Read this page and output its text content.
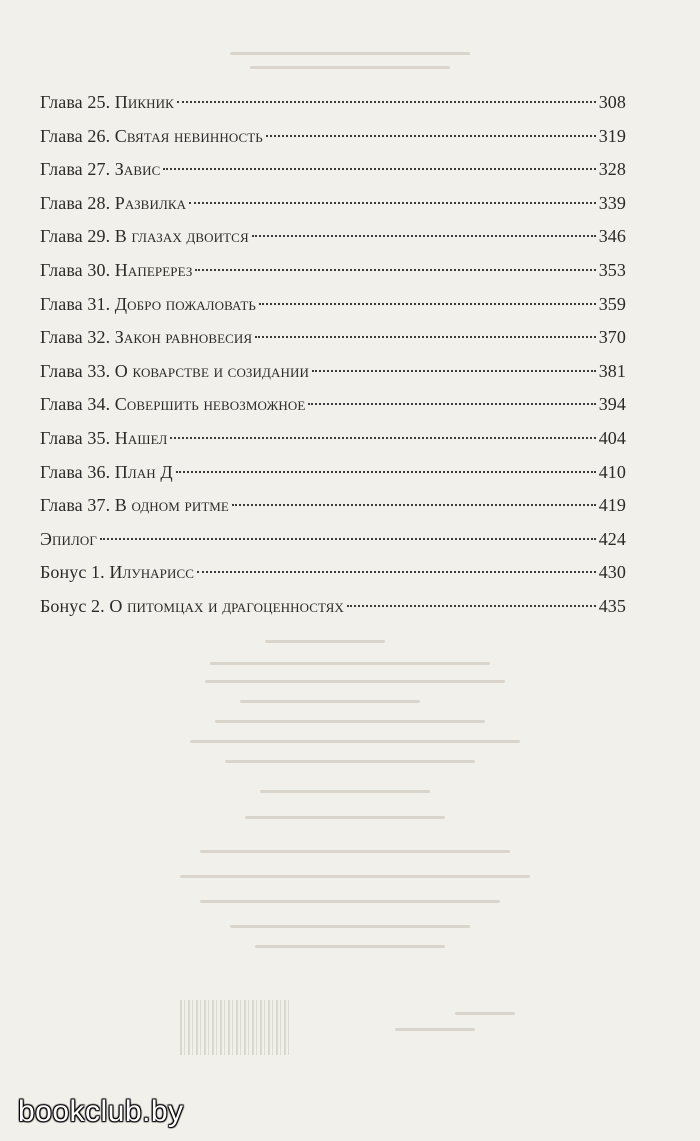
Глава 25. Пикник	308
Глава 26. Святая невинность	319
Глава 27. Завис	328
Глава 28. Развилка	339
Глава 29. В глазах двоится	346
Глава 30. Наперерез	353
Глава 31. Добро пожаловать	359
Глава 32. Закон равновесия	370
Глава 33. О коварстве и созидании	381
Глава 34. Совершить невозможное	394
Глава 35. Нашел	404
Глава 36. План Д	410
Глава 37. В одном ритме	419
Эпилог	424
Бонус 1. Илунарисс	430
Бонус 2. О питомцах и драгоценностях	435
bookclub.by
